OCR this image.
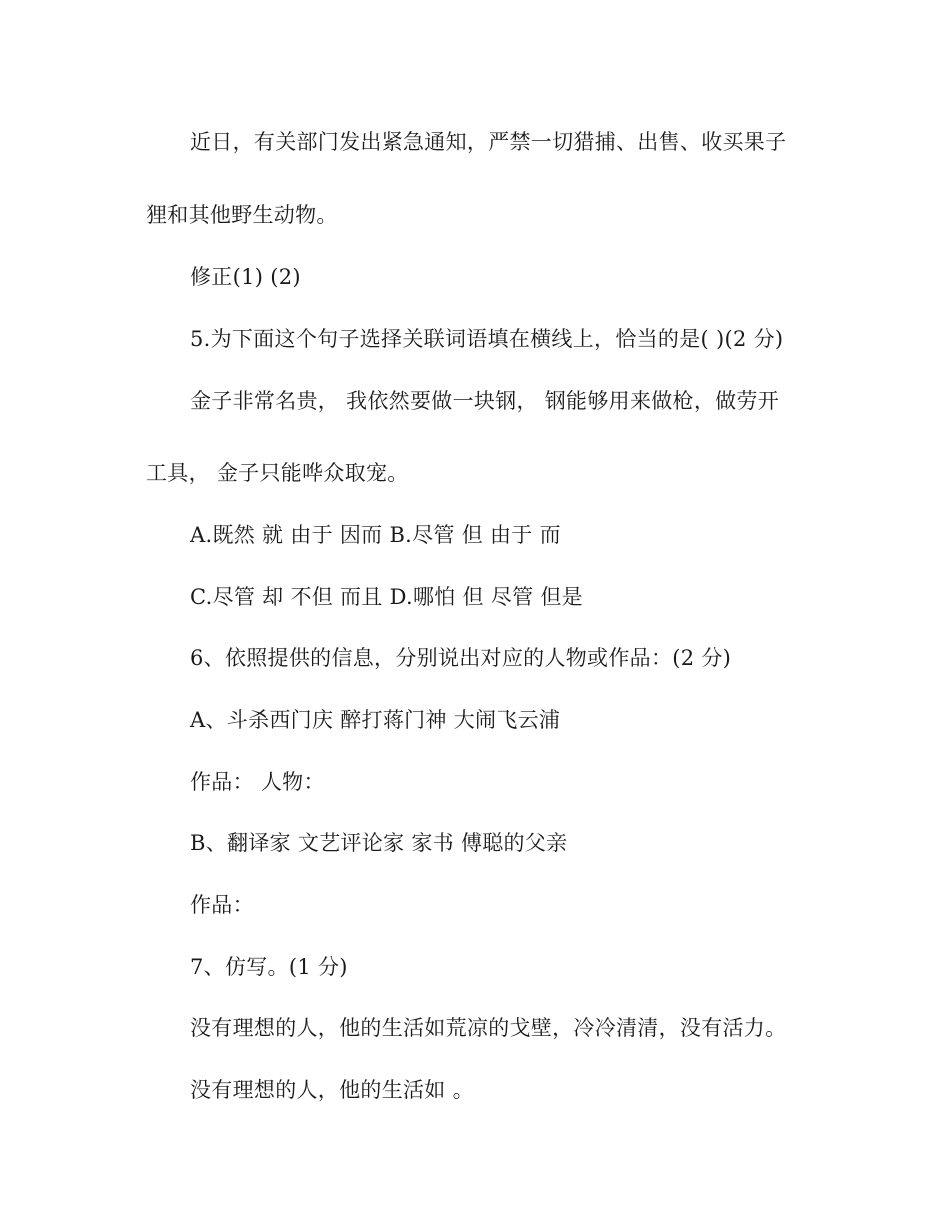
近日，有关部门发出紧急通知，严禁一切猎捕、出售、收买果子
狸和其他野生动物。
修正(1) (2)
5.为下面这个句子选择关联词语填在横线上，恰当的是( )(2 分)
金子非常名贵， 我依然要做一块钢， 钢能够用来做枪，做劳开
工具， 金子只能哗众取宠。
A.既然 就 由于 因而 B.尽管 但 由于 而
C.尽管 却 不但 而且 D.哪怕 但 尽管 但是
6、依照提供的信息，分别说出对应的人物或作品：(2 分)
A、斗杀西门庆 醉打蒋门神 大闹飞云浦
作品： 人物：
B、翻译家 文艺评论家 家书 傅聪的父亲
作品：
7、仿写。(1 分)
没有理想的人，他的生活如荒凉的戈壁，冷冷清清，没有活力。
没有理想的人，他的生活如 。
